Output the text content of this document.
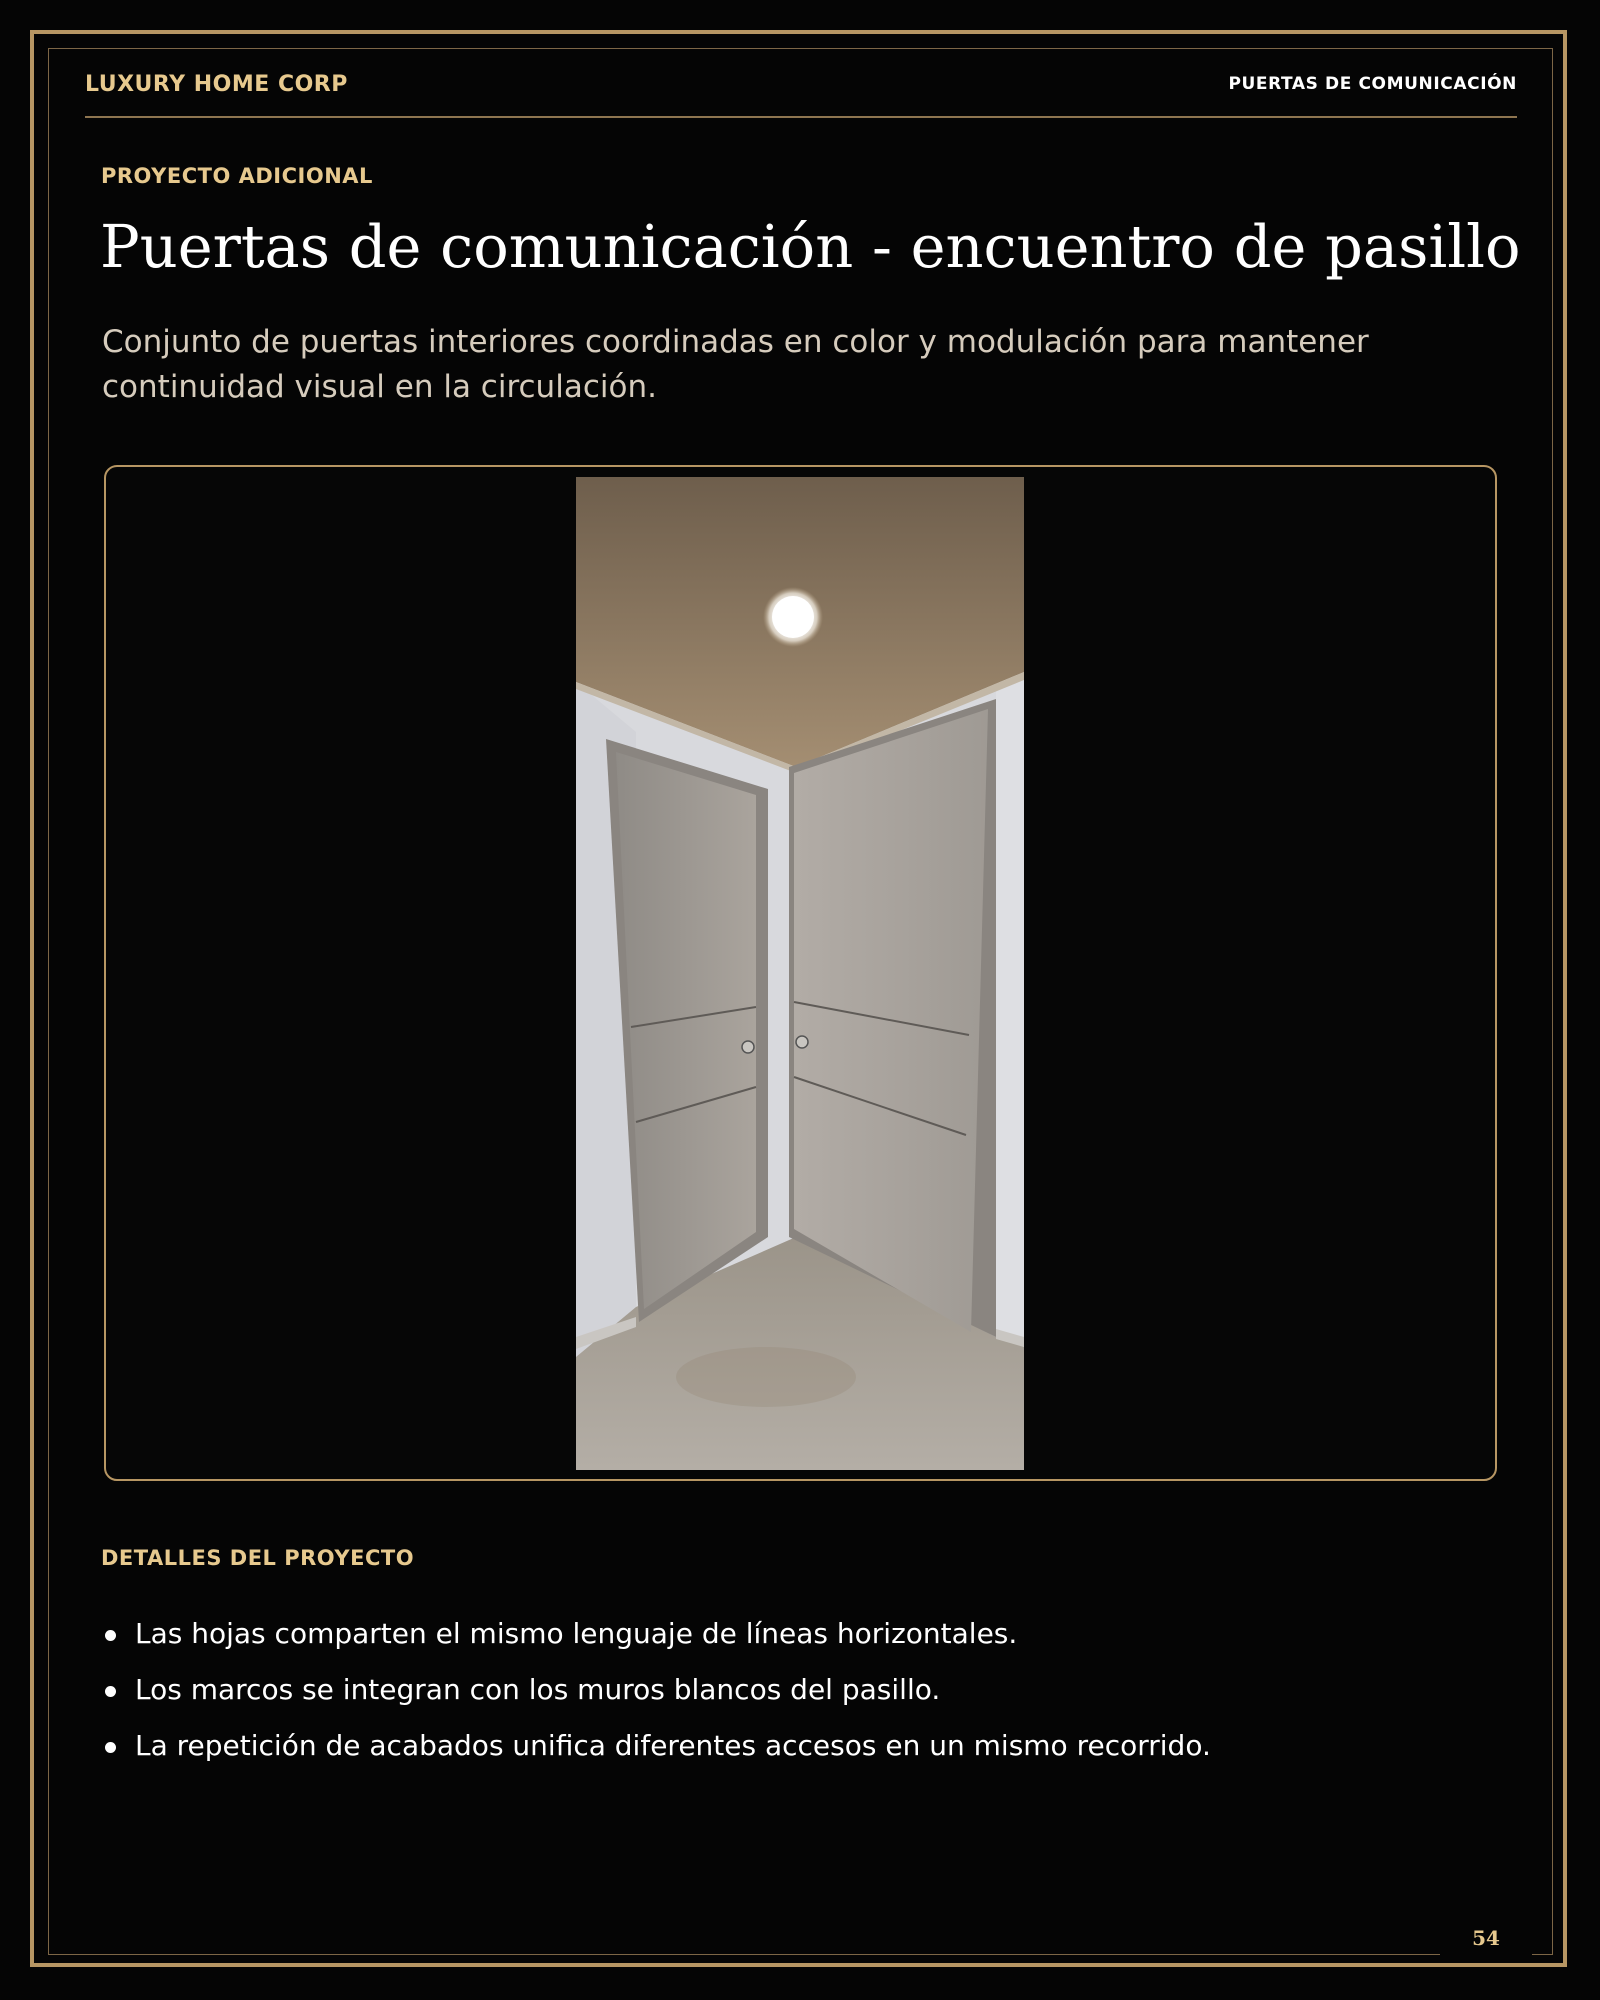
LUXURY HOME CORP	PUERTAS DE COMUNICACIÓN
PROYECTO ADICIONAL
Puertas de comunicación - encuentro de pasillo

Conjunto de puertas interiores coordinadas en color y modulación para mantener continuidad visual en la circulación.

DETALLES DEL PROYECTO
Las hojas comparten el mismo lenguaje de líneas horizontales.
Los marcos se integran con los muros blancos del pasillo.
La repetición de acabados unifica diferentes accesos en un mismo recorrido.
54
